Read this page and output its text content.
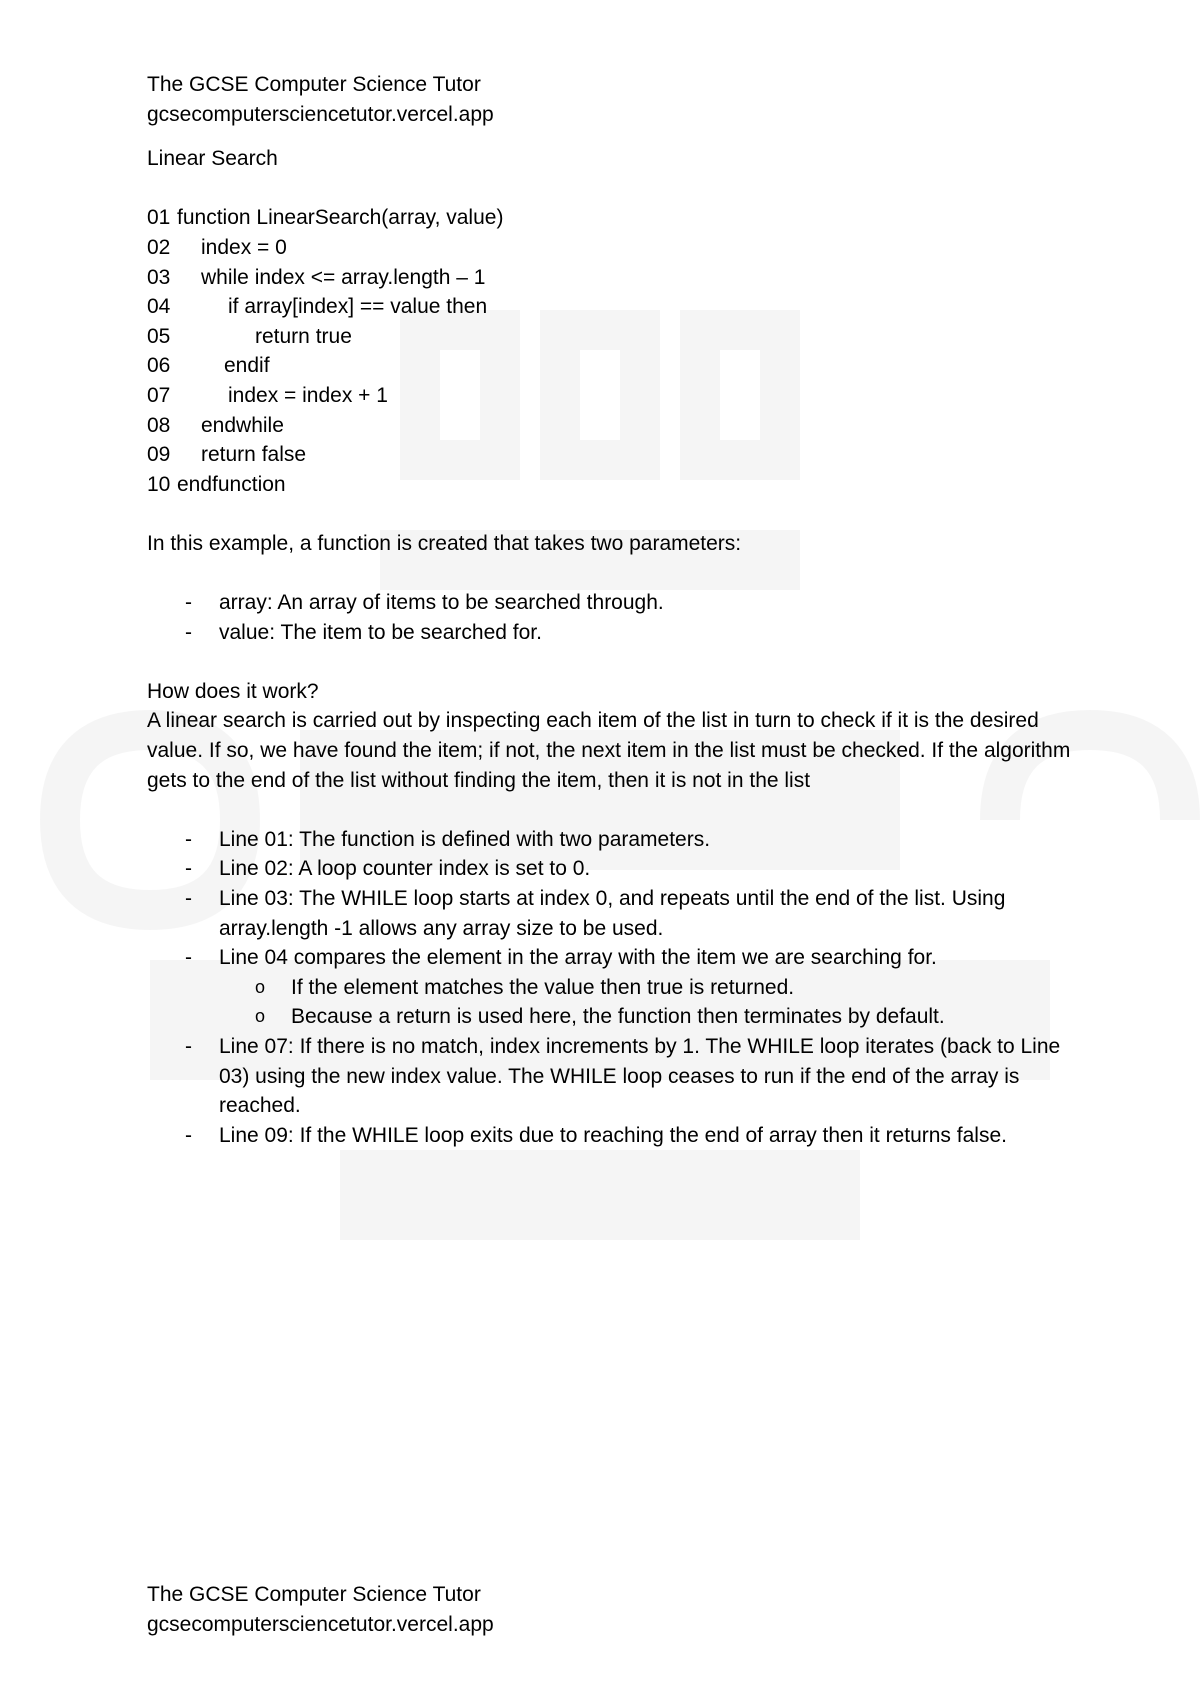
The GCSE Computer Science Tutor
gcsecomputersciencetutor.vercel.app
Linear Search
01 function LinearSearch(array, value)
02 index = 0
03 while index <= array.length – 1
04	if array[index] == value then
05	return true
06	endif
07	index = index + 1
08 endwhile
09 return false
10 endfunction
In this example, a function is created that takes two parameters:
- array: An array of items to be searched through.
- value: The item to be searched for.
How does it work?
A linear search is carried out by inspecting each item of the list in turn to check if it is the desired value. If so, we have found the item; if not, the next item in the list must be checked. If the algorithm gets to the end of the list without finding the item, then it is not in the list
- Line 01: The function is defined with two parameters.
- Line 02: A loop counter index is set to 0.
- Line 03: The WHILE loop starts at index 0, and repeats until the end of the list. Using array.length -1 allows any array size to be used.
- Line 04 compares the element in the array with the item we are searching for.
o If the element matches the value then true is returned.
o Because a return is used here, the function then terminates by default.
- Line 07: If there is no match, index increments by 1. The WHILE loop iterates (back to Line 03) using the new index value. The WHILE loop ceases to run if the end of the array is reached.
- Line 09: If the WHILE loop exits due to reaching the end of array then it returns false.
The GCSE Computer Science Tutor
gcsecomputersciencetutor.vercel.app
